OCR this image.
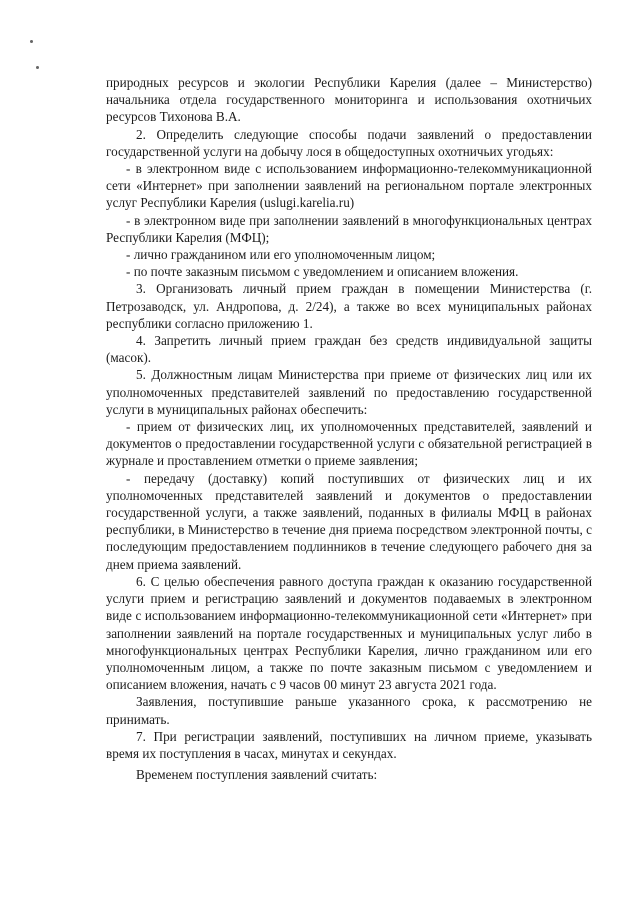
природных ресурсов и экологии Республики Карелия (далее – Министерство) начальника отдела государственного мониторинга и использования охотничьих ресурсов Тихонова В.А.

2. Определить следующие способы подачи заявлений о предоставлении государственной услуги на добычу лося в общедоступных охотничьих угодьях:

- в электронном виде с использованием информационно-телекоммуникационной сети «Интернет» при заполнении заявлений на региональном портале электронных услуг Республики Карелия (uslugi.karelia.ru)

- в электронном виде при заполнении заявлений в многофункциональных центрах Республики Карелия (МФЦ);

- лично гражданином или его уполномоченным лицом;

- по почте заказным письмом с уведомлением и описанием вложения.

3. Организовать личный прием граждан в помещении Министерства (г. Петрозаводск, ул. Андропова, д. 2/24), а также во всех муниципальных районах республики согласно приложению 1.

4. Запретить личный прием граждан без средств индивидуальной защиты (масок).

5. Должностным лицам Министерства при приеме от физических лиц или их уполномоченных представителей заявлений по предоставлению государственной услуги в муниципальных районах обеспечить:

- прием от физических лиц, их уполномоченных представителей, заявлений и документов о предоставлении государственной услуги с обязательной регистрацией в журнале и проставлением отметки о приеме заявления;

- передачу (доставку) копий поступивших от физических лиц и их уполномоченных представителей заявлений и документов о предоставлении государственной услуги, а также заявлений, поданных в филиалы МФЦ в районах республики, в Министерство в течение дня приема посредством электронной почты, с последующим предоставлением подлинников в течение следующего рабочего дня за днем приема заявлений.

6. С целью обеспечения равного доступа граждан к оказанию государственной услуги прием и регистрацию заявлений и документов подаваемых в электронном виде с использованием информационно-телекоммуникационной сети «Интернет» при заполнении заявлений на портале государственных и муниципальных услуг либо в многофункциональных центрах Республики Карелия, лично гражданином или его уполномоченным лицом, а также по почте заказным письмом с уведомлением и описанием вложения, начать с 9 часов 00 минут 23 августа 2021 года.

Заявления, поступившие раньше указанного срока, к рассмотрению не принимать.

7. При регистрации заявлений, поступивших на личном приеме, указывать время их поступления в часах, минутах и секундах.

Временем поступления заявлений считать:
